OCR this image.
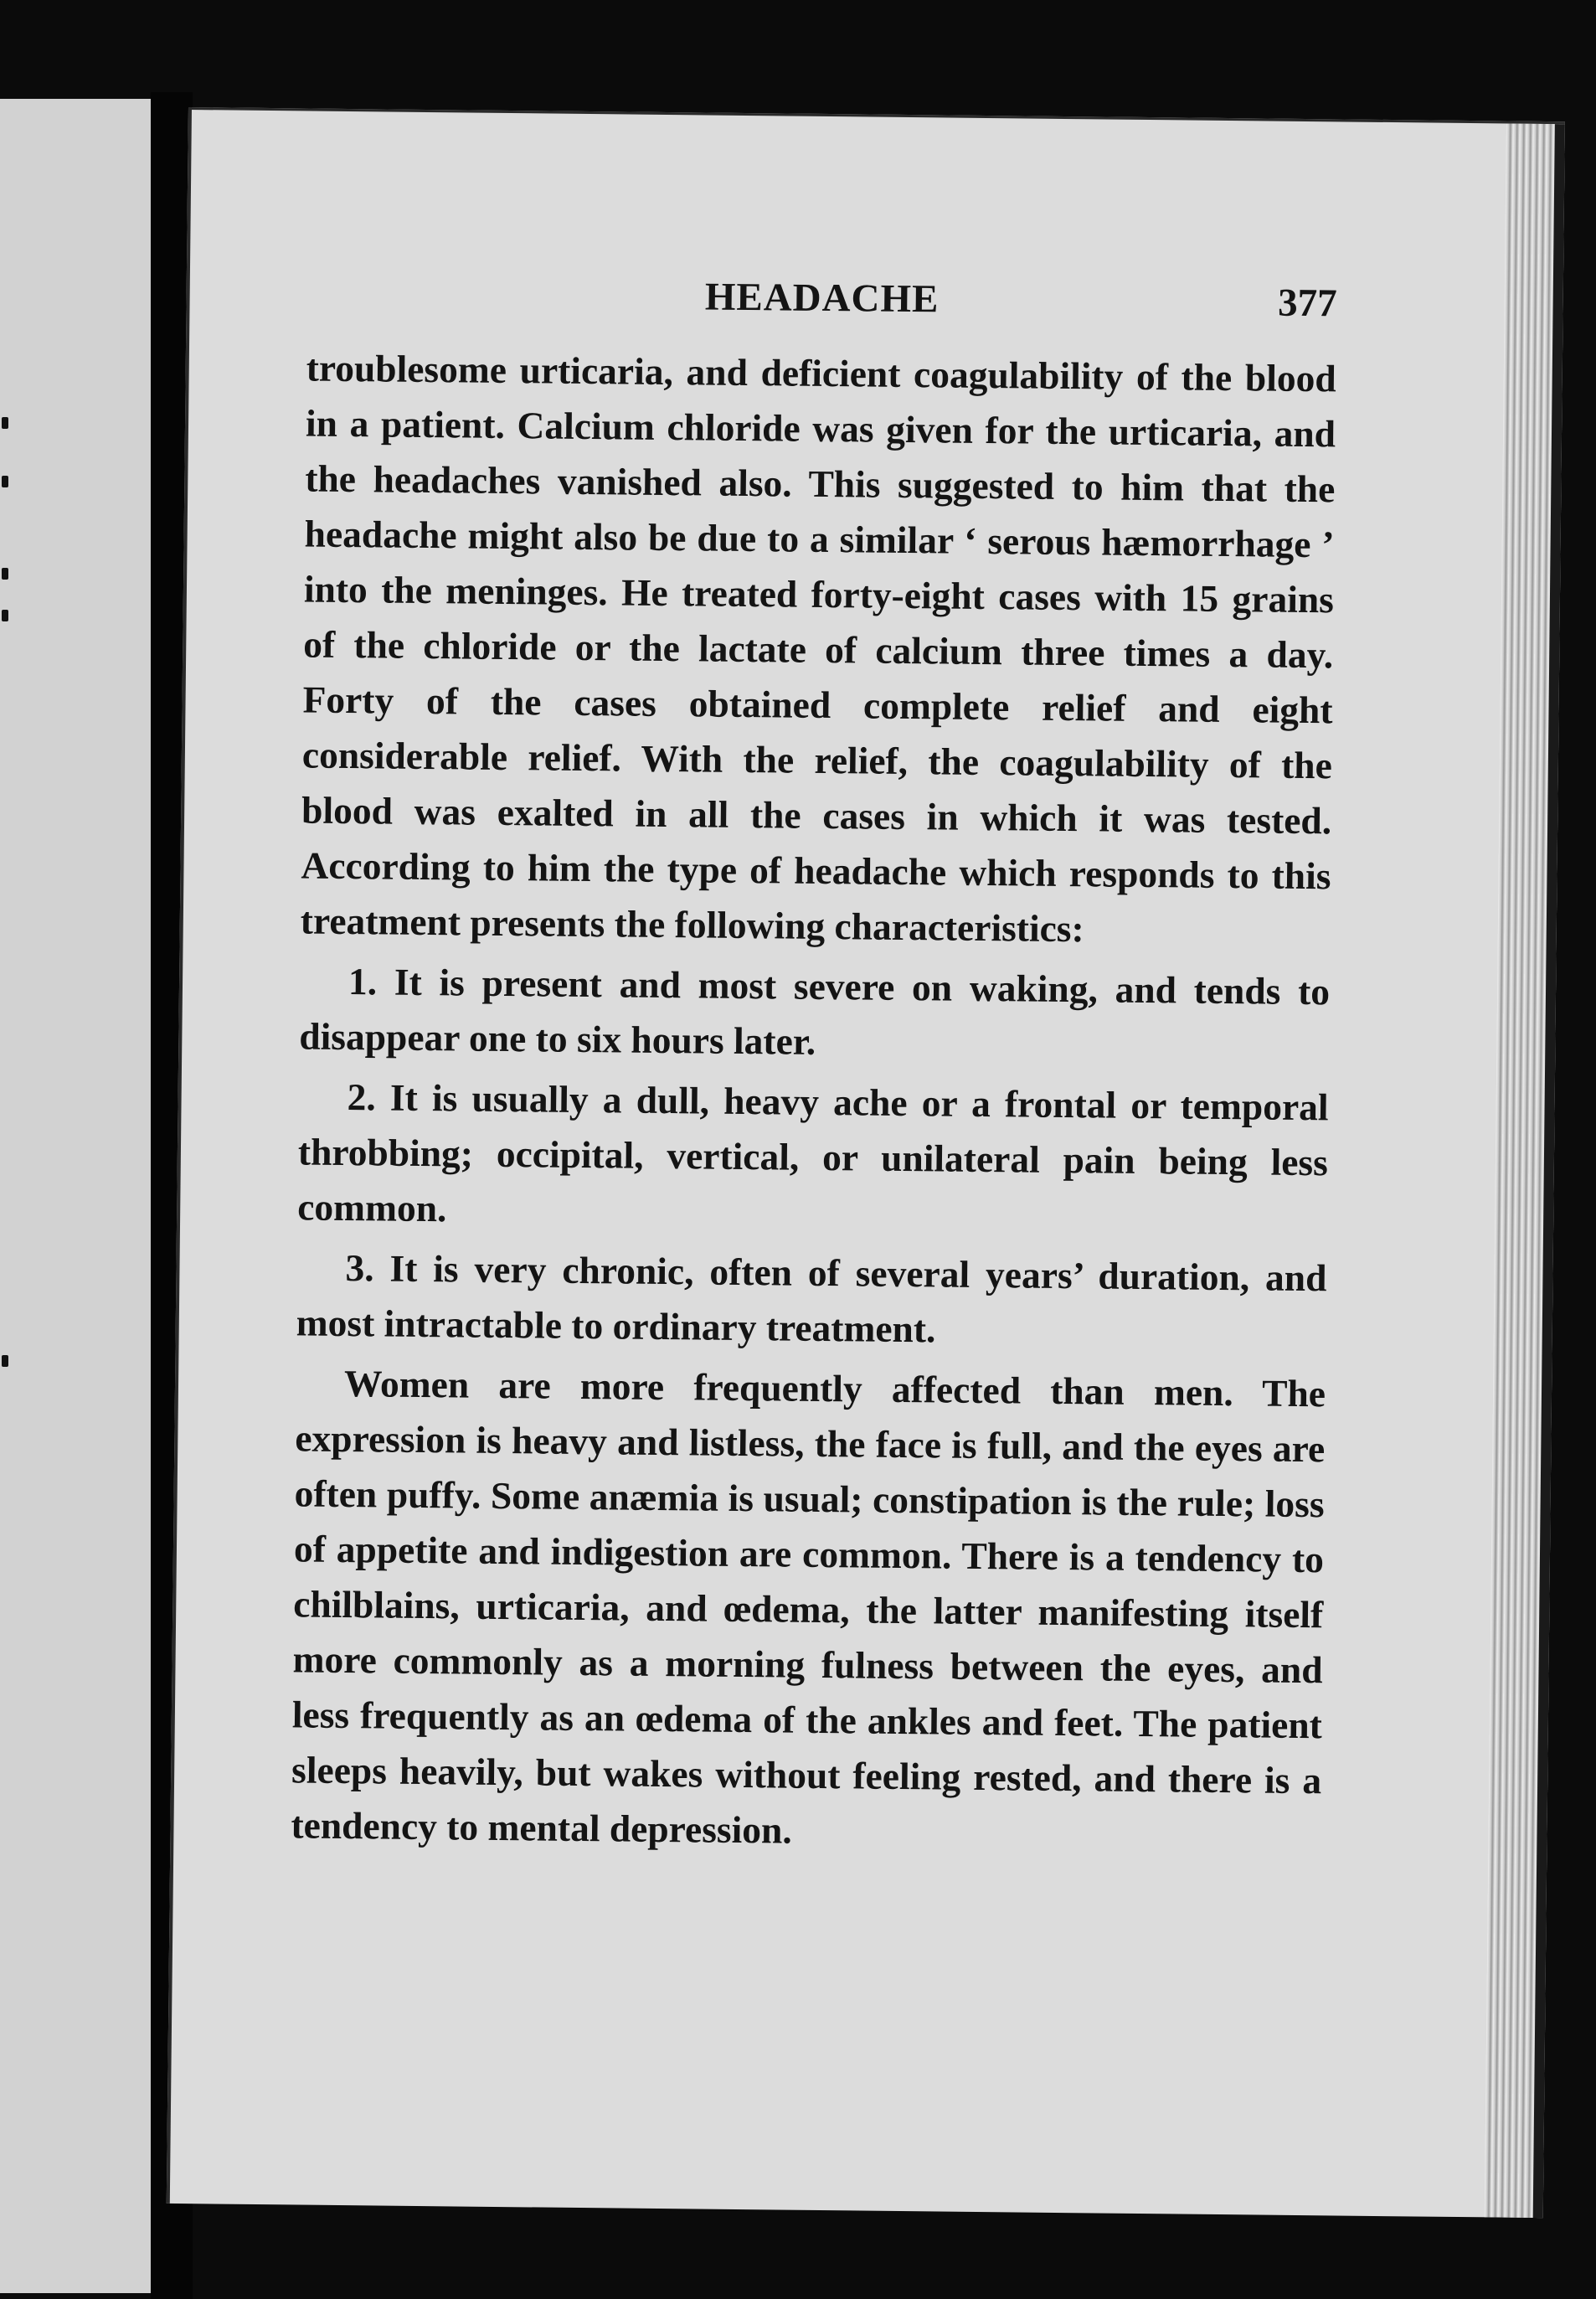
HEADACHE	377

troublesome urticaria, and deficient coagulability of the blood in a patient. Calcium chloride was given for the urticaria, and the headaches vanished also. This suggested to him that the headache might also be due to a similar ‘ serous hæmorrhage ’ into the meninges. He treated forty-eight cases with 15 grains of the chloride or the lactate of calcium three times a day. Forty of the cases obtained complete relief and eight considerable relief. With the relief, the coagulability of the blood was exalted in all the cases in which it was tested. According to him the type of headache which responds to this treatment presents the following characteristics:

1. It is present and most severe on waking, and tends to disappear one to six hours later.

2. It is usually a dull, heavy ache or a frontal or temporal throbbing; occipital, vertical, or unilateral pain being less common.

3. It is very chronic, often of several years’ duration, and most intractable to ordinary treatment.

Women are more frequently affected than men. The expression is heavy and listless, the face is full, and the eyes are often puffy. Some anæmia is usual; constipation is the rule; loss of appetite and indigestion are common. There is a tendency to chilblains, urticaria, and œdema, the latter manifesting itself more commonly as a morning fulness between the eyes, and less frequently as an œdema of the ankles and feet. The patient sleeps heavily, but wakes without feeling rested, and there is a tendency to mental depression.
